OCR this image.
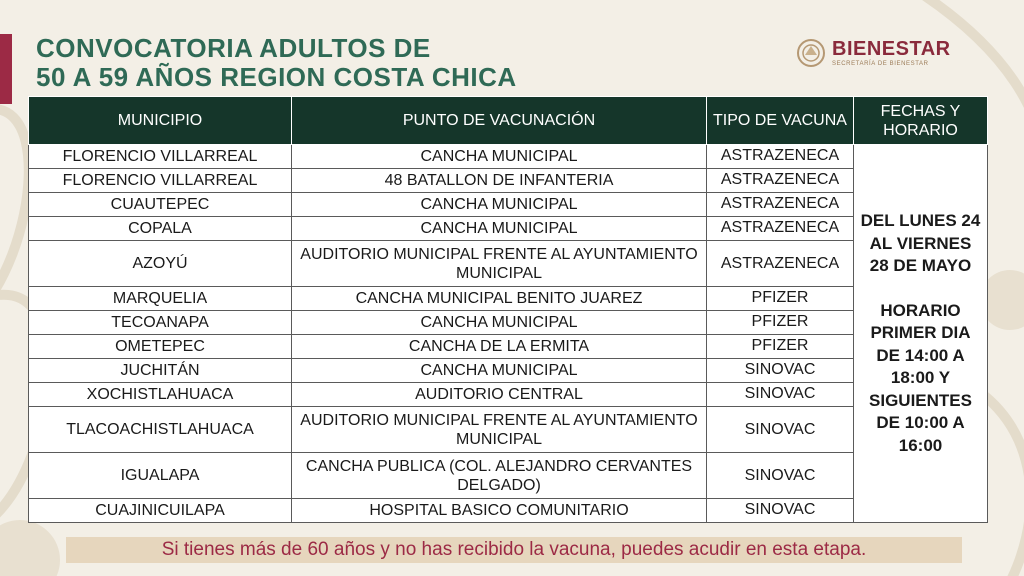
CONVOCATORIA ADULTOS DE
50 A 59 AÑOS REGION COSTA CHICA
BIENESTAR
SECRETARÍA DE BIENESTAR
MUNICIPIO	PUNTO DE VACUNACIÓN	TIPO DE VACUNA	FECHAS Y HORARIO
FLORENCIO VILLARREAL	CANCHA MUNICIPAL	ASTRAZENECA	DEL LUNES 24 AL VIERNES 28 DE MAYO
HORARIO PRIMER DIA DE 14:00 A 18:00 Y SIGUIENTES DE 10:00 A 16:00

FLORENCIO VILLARREAL	48 BATALLON DE INFANTERIA	ASTRAZENECA	
CUAUTEPEC	CANCHA MUNICIPAL	ASTRAZENECA	
COPALA	CANCHA MUNICIPAL	ASTRAZENECA	
AZOYÚ	AUDITORIO MUNICIPAL FRENTE AL AYUNTAMIENTO MUNICIPAL	ASTRAZENECA	
MARQUELIA	CANCHA MUNICIPAL BENITO JUAREZ	PFIZER	
TECOANAPA	CANCHA MUNICIPAL	PFIZER	
OMETEPEC	CANCHA DE LA ERMITA	PFIZER	
JUCHITÁN	CANCHA MUNICIPAL	SINOVAC	
XOCHISTLAHUACA	AUDITORIO CENTRAL	SINOVAC	
TLACOACHISTLAHUACA	AUDITORIO MUNICIPAL FRENTE AL AYUNTAMIENTO MUNICIPAL	SINOVAC	
IGUALAPA	CANCHA PUBLICA (COL. ALEJANDRO CERVANTES DELGADO)	SINOVAC	
CUAJINICUILAPA	HOSPITAL BASICO COMUNITARIO	SINOVAC	
Si tienes más de 60 años y no has recibido la vacuna, puedes acudir en esta etapa.
